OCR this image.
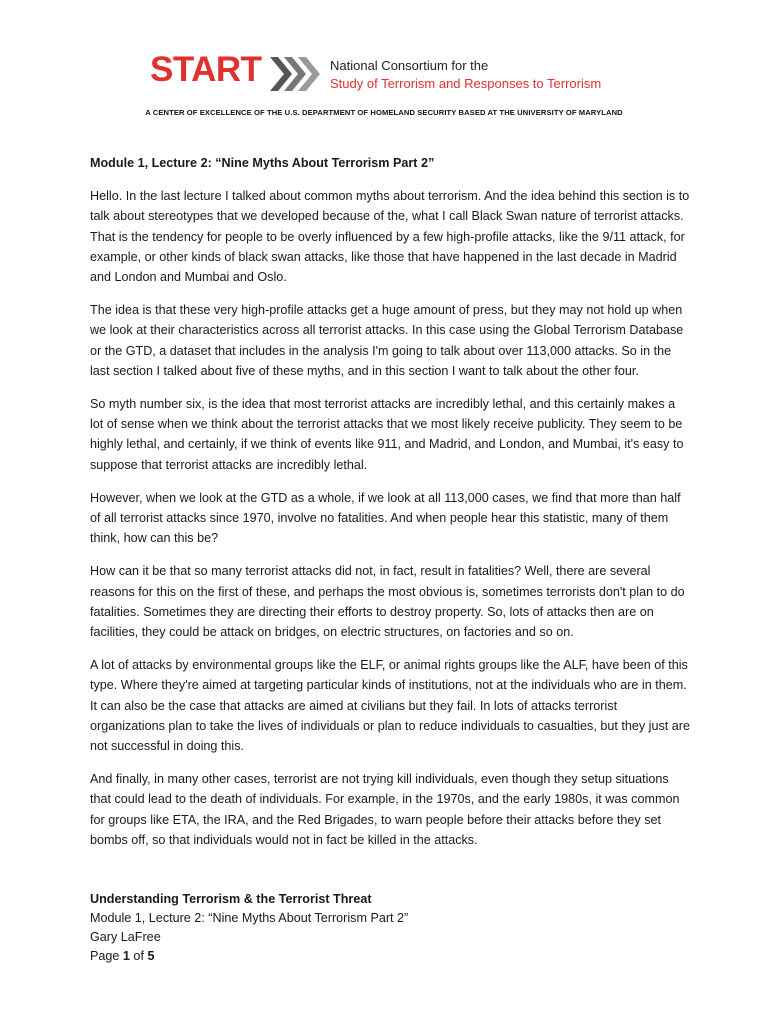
START	National Consortium for the
Study of Terrorism and Responses to Terrorism
A CENTER OF EXCELLENCE OF THE U.S. DEPARTMENT OF HOMELAND SECURITY BASED AT THE UNIVERSITY OF MARYLAND

Module 1, Lecture 2: “Nine Myths About Terrorism Part 2”

Hello. In the last lecture I talked about common myths about terrorism. And the idea behind this section is to talk about stereotypes that we developed because of the, what I call Black Swan nature of terrorist attacks. That is the tendency for people to be overly influenced by a few high-profile attacks, like the 9/11 attack, for example, or other kinds of black swan attacks, like those that have happened in the last decade in Madrid and London and Mumbai and Oslo.

The idea is that these very high-profile attacks get a huge amount of press, but they may not hold up when we look at their characteristics across all terrorist attacks. In this case using the Global Terrorism Database or the GTD, a dataset that includes in the analysis I'm going to talk about over 113,000 attacks. So in the last section I talked about five of these myths, and in this section I want to talk about the other four.

So myth number six, is the idea that most terrorist attacks are incredibly lethal, and this certainly makes a lot of sense when we think about the terrorist attacks that we most likely receive publicity. They seem to be highly lethal, and certainly, if we think of events like 911, and Madrid, and London, and Mumbai, it's easy to suppose that terrorist attacks are incredibly lethal.

However, when we look at the GTD as a whole, if we look at all 113,000 cases, we find that more than half of all terrorist attacks since 1970, involve no fatalities. And when people hear this statistic, many of them think, how can this be?

How can it be that so many terrorist attacks did not, in fact, result in fatalities? Well, there are several reasons for this on the first of these, and perhaps the most obvious is, sometimes terrorists don't plan to do fatalities. Sometimes they are directing their efforts to destroy property. So, lots of attacks then are on facilities, they could be attack on bridges, on electric structures, on factories and so on.

A lot of attacks by environmental groups like the ELF, or animal rights groups like the ALF, have been of this type. Where they're aimed at targeting particular kinds of institutions, not at the individuals who are in them. It can also be the case that attacks are aimed at civilians but they fail. In lots of attacks terrorist organizations plan to take the lives of individuals or plan to reduce individuals to casualties, but they just are not successful in doing this.

And finally, in many other cases, terrorist are not trying kill individuals, even though they setup situations that could lead to the death of individuals. For example, in the 1970s, and the early 1980s, it was common for groups like ETA, the IRA, and the Red Brigades, to warn people before their attacks before they set bombs off, so that individuals would not in fact be killed in the attacks.

Understanding Terrorism & the Terrorist Threat
Module 1, Lecture 2: “Nine Myths About Terrorism Part 2”
Gary LaFree
Page 1 of 5
